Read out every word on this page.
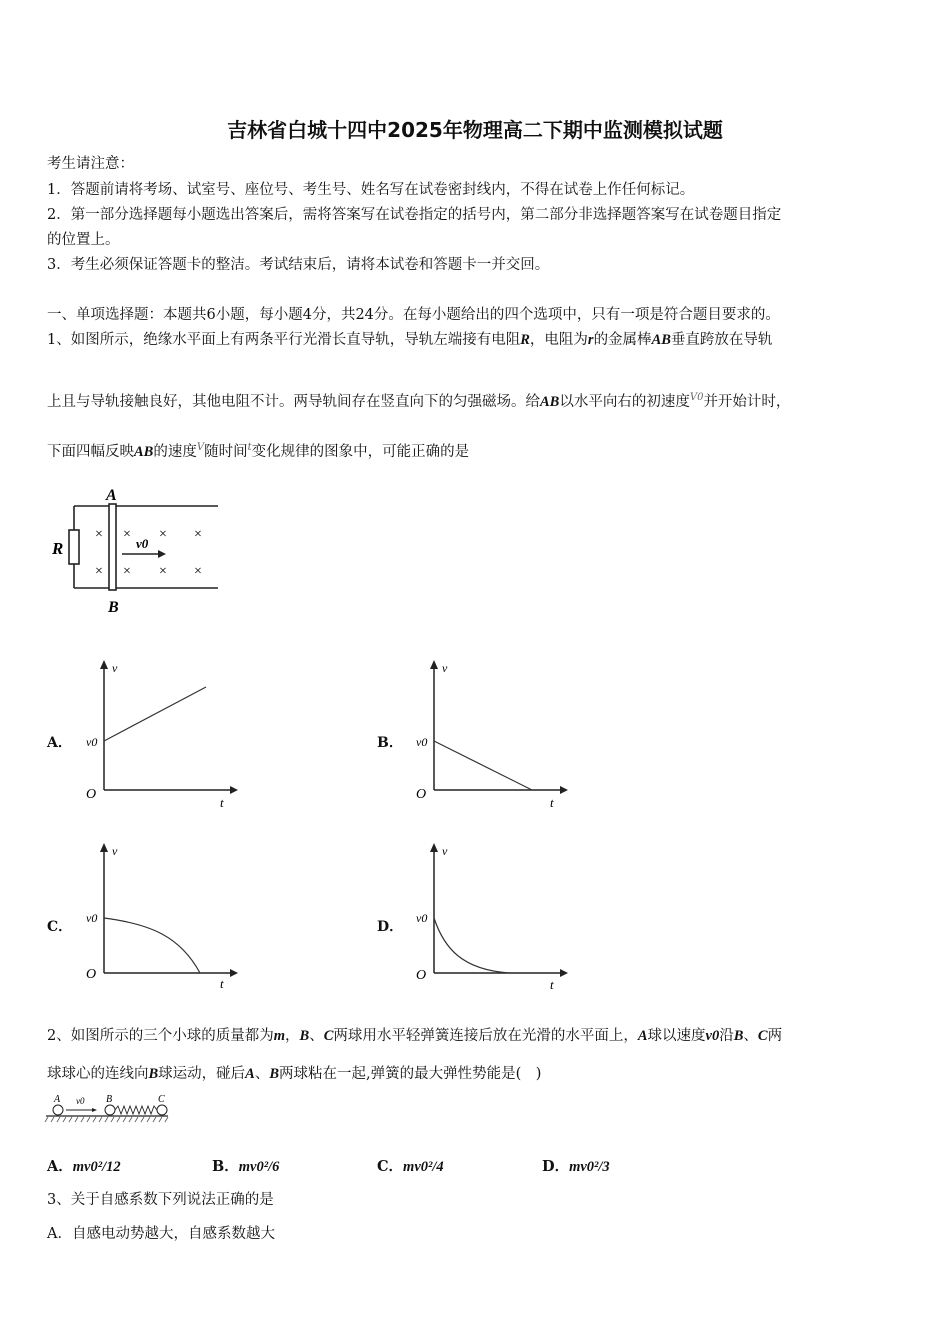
吉林省白城十四中2025年物理高二下期中监测模拟试题
考生请注意：
1．答题前请将考场、试室号、座位号、考生号、姓名写在试卷密封线内，不得在试卷上作任何标记。
2．第一部分选择题每小题选出答案后，需将答案写在试卷指定的括号内，第二部分非选择题答案写在试卷题目指定
的位置上。
3．考生必须保证答题卡的整洁。考试结束后，请将本试卷和答题卡一并交回。
一、单项选择题：本题共6小题，每小题4分，共24分。在每小题给出的四个选项中，只有一项是符合题目要求的。
1、如图所示，绝缘水平面上有两条平行光滑长直导轨，导轨左端接有电阻R，电阻为r的金属棒AB垂直跨放在导轨
上且与导轨接触良好，其他电阻不计。两导轨间存在竖直向下的匀强磁场。给AB以水平向右的初速度$^{V0}$并开始计时，
下面四幅反映AB的速度$^V$随时间$^t$变化规律的图象中，可能正确的是
R
A
B
×
×
×
×
×
×
×
×
v0
A．
v
v0
O
t
B．
v
v0
O
t
C．
v
v0
O
t
D．
v
v0
O
t
2、如图所示的三个小球的质量都为m，B、C两球用水平轻弹簧连接后放在光滑的水平面上，A球以速度v0沿B、C两
球球心的连线向B球运动，碰后A、B两球粘在一起,弹簧的最大弹性势能是(　)
A v0 B	C
A．mv0²/12	B．mv0²/6	C．mv0²/4	D．mv0²/3
3、关于自感系数下列说法正确的是
A．自感电动势越大，自感系数越大
